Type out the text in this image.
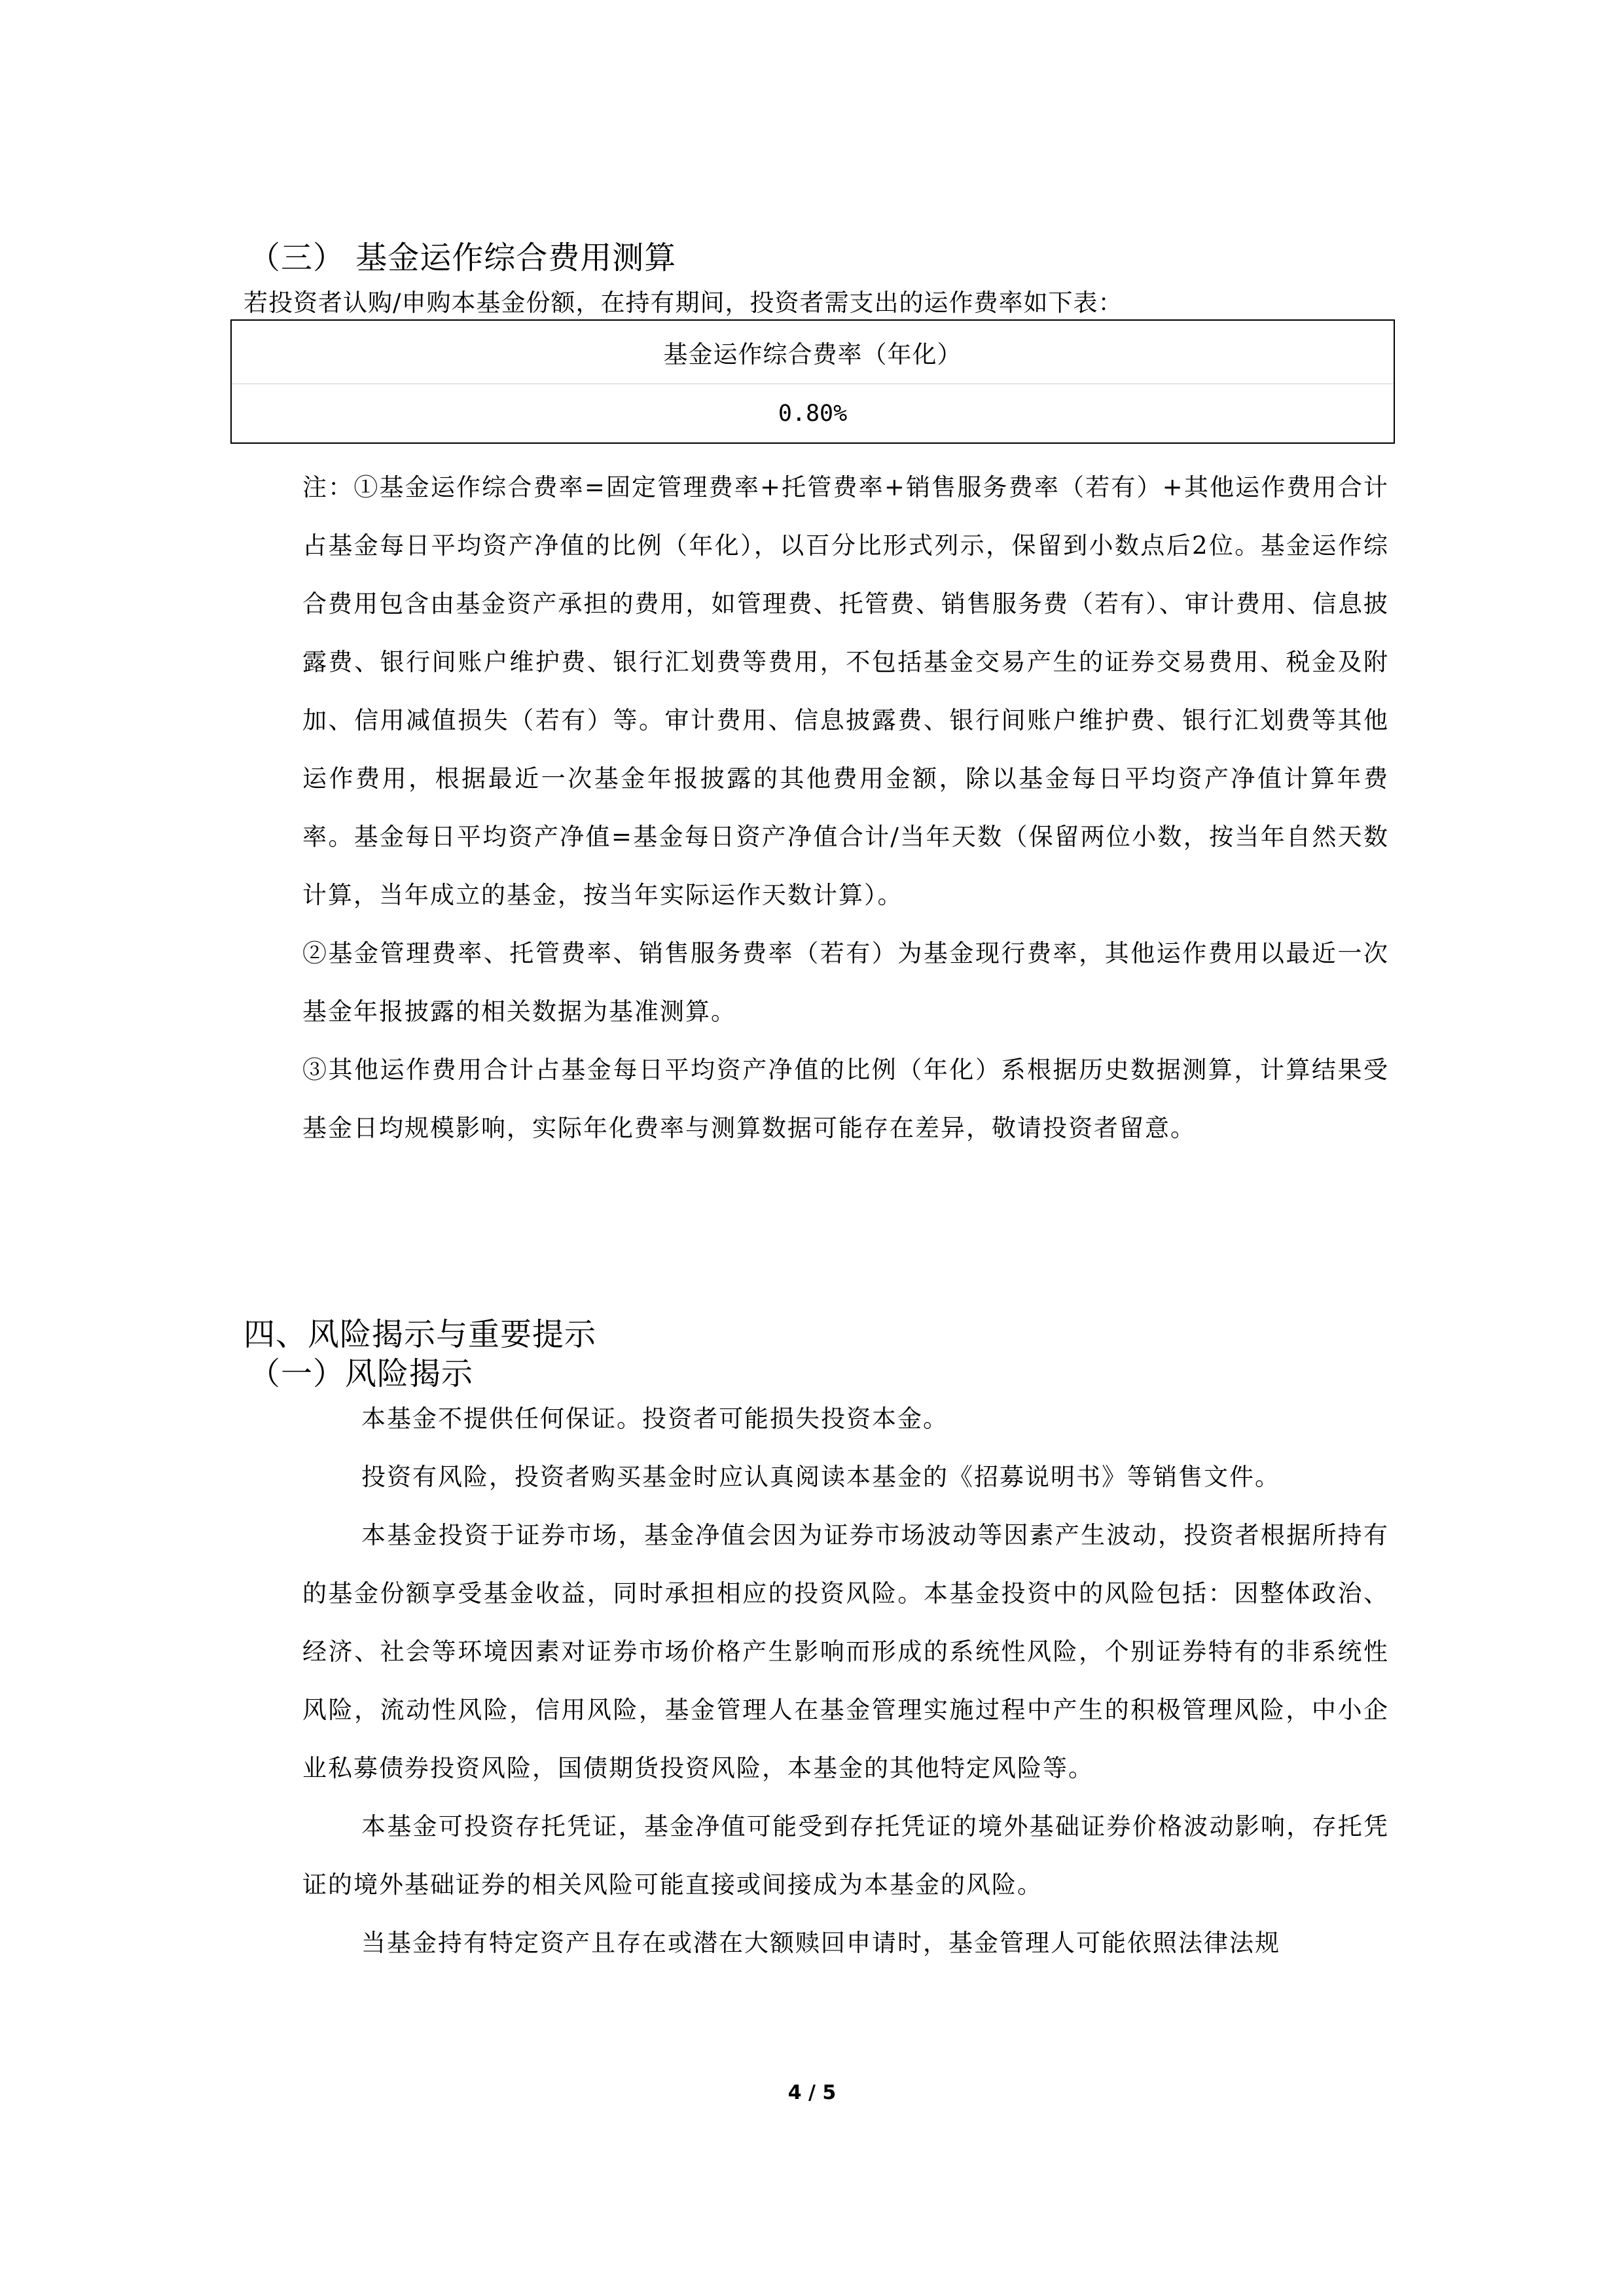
（三） 基金运作综合费用测算
若投资者认购/申购本基金份额，在持有期间，投资者需支出的运作费率如下表：
基金运作综合费率（年化）
0.80%

注：①基金运作综合费率=固定管理费率+托管费率+销售服务费率（若有）+其他运作费用合计占基金每日平均资产净值的比例（年化），以百分比形式列示，保留到小数点后2位。基金运作综合费用包含由基金资产承担的费用，如管理费、托管费、销售服务费（若有）、审计费用、信息披露费、银行间账户维护费、银行汇划费等费用，不包括基金交易产生的证券交易费用、税金及附加、信用减值损失（若有）等。审计费用、信息披露费、银行间账户维护费、银行汇划费等其他运作费用，根据最近一次基金年报披露的其他费用金额，除以基金每日平均资产净值计算年费率。基金每日平均资产净值=基金每日资产净值合计/当年天数（保留两位小数，按当年自然天数计算，当年成立的基金，按当年实际运作天数计算）。

②基金管理费率、托管费率、销售服务费率（若有）为基金现行费率，其他运作费用以最近一次基金年报披露的相关数据为基准测算。

③其他运作费用合计占基金每日平均资产净值的比例（年化）系根据历史数据测算，计算结果受基金日均规模影响，实际年化费率与测算数据可能存在差异，敬请投资者留意。

四、风险揭示与重要提示
（一）风险揭示

本基金不提供任何保证。投资者可能损失投资本金。

投资有风险，投资者购买基金时应认真阅读本基金的《招募说明书》等销售文件。

本基金投资于证券市场，基金净值会因为证券市场波动等因素产生波动，投资者根据所持有的基金份额享受基金收益，同时承担相应的投资风险。本基金投资中的风险包括：因整体政治、经济、社会等环境因素对证券市场价格产生影响而形成的系统性风险，个别证券特有的非系统性风险，流动性风险，信用风险，基金管理人在基金管理实施过程中产生的积极管理风险，中小企业私募债券投资风险，国债期货投资风险，本基金的其他特定风险等。

本基金可投资存托凭证，基金净值可能受到存托凭证的境外基础证券价格波动影响，存托凭证的境外基础证券的相关风险可能直接或间接成为本基金的风险。

当基金持有特定资产且存在或潜在大额赎回申请时，基金管理人可能依照法律法规

4 / 5
